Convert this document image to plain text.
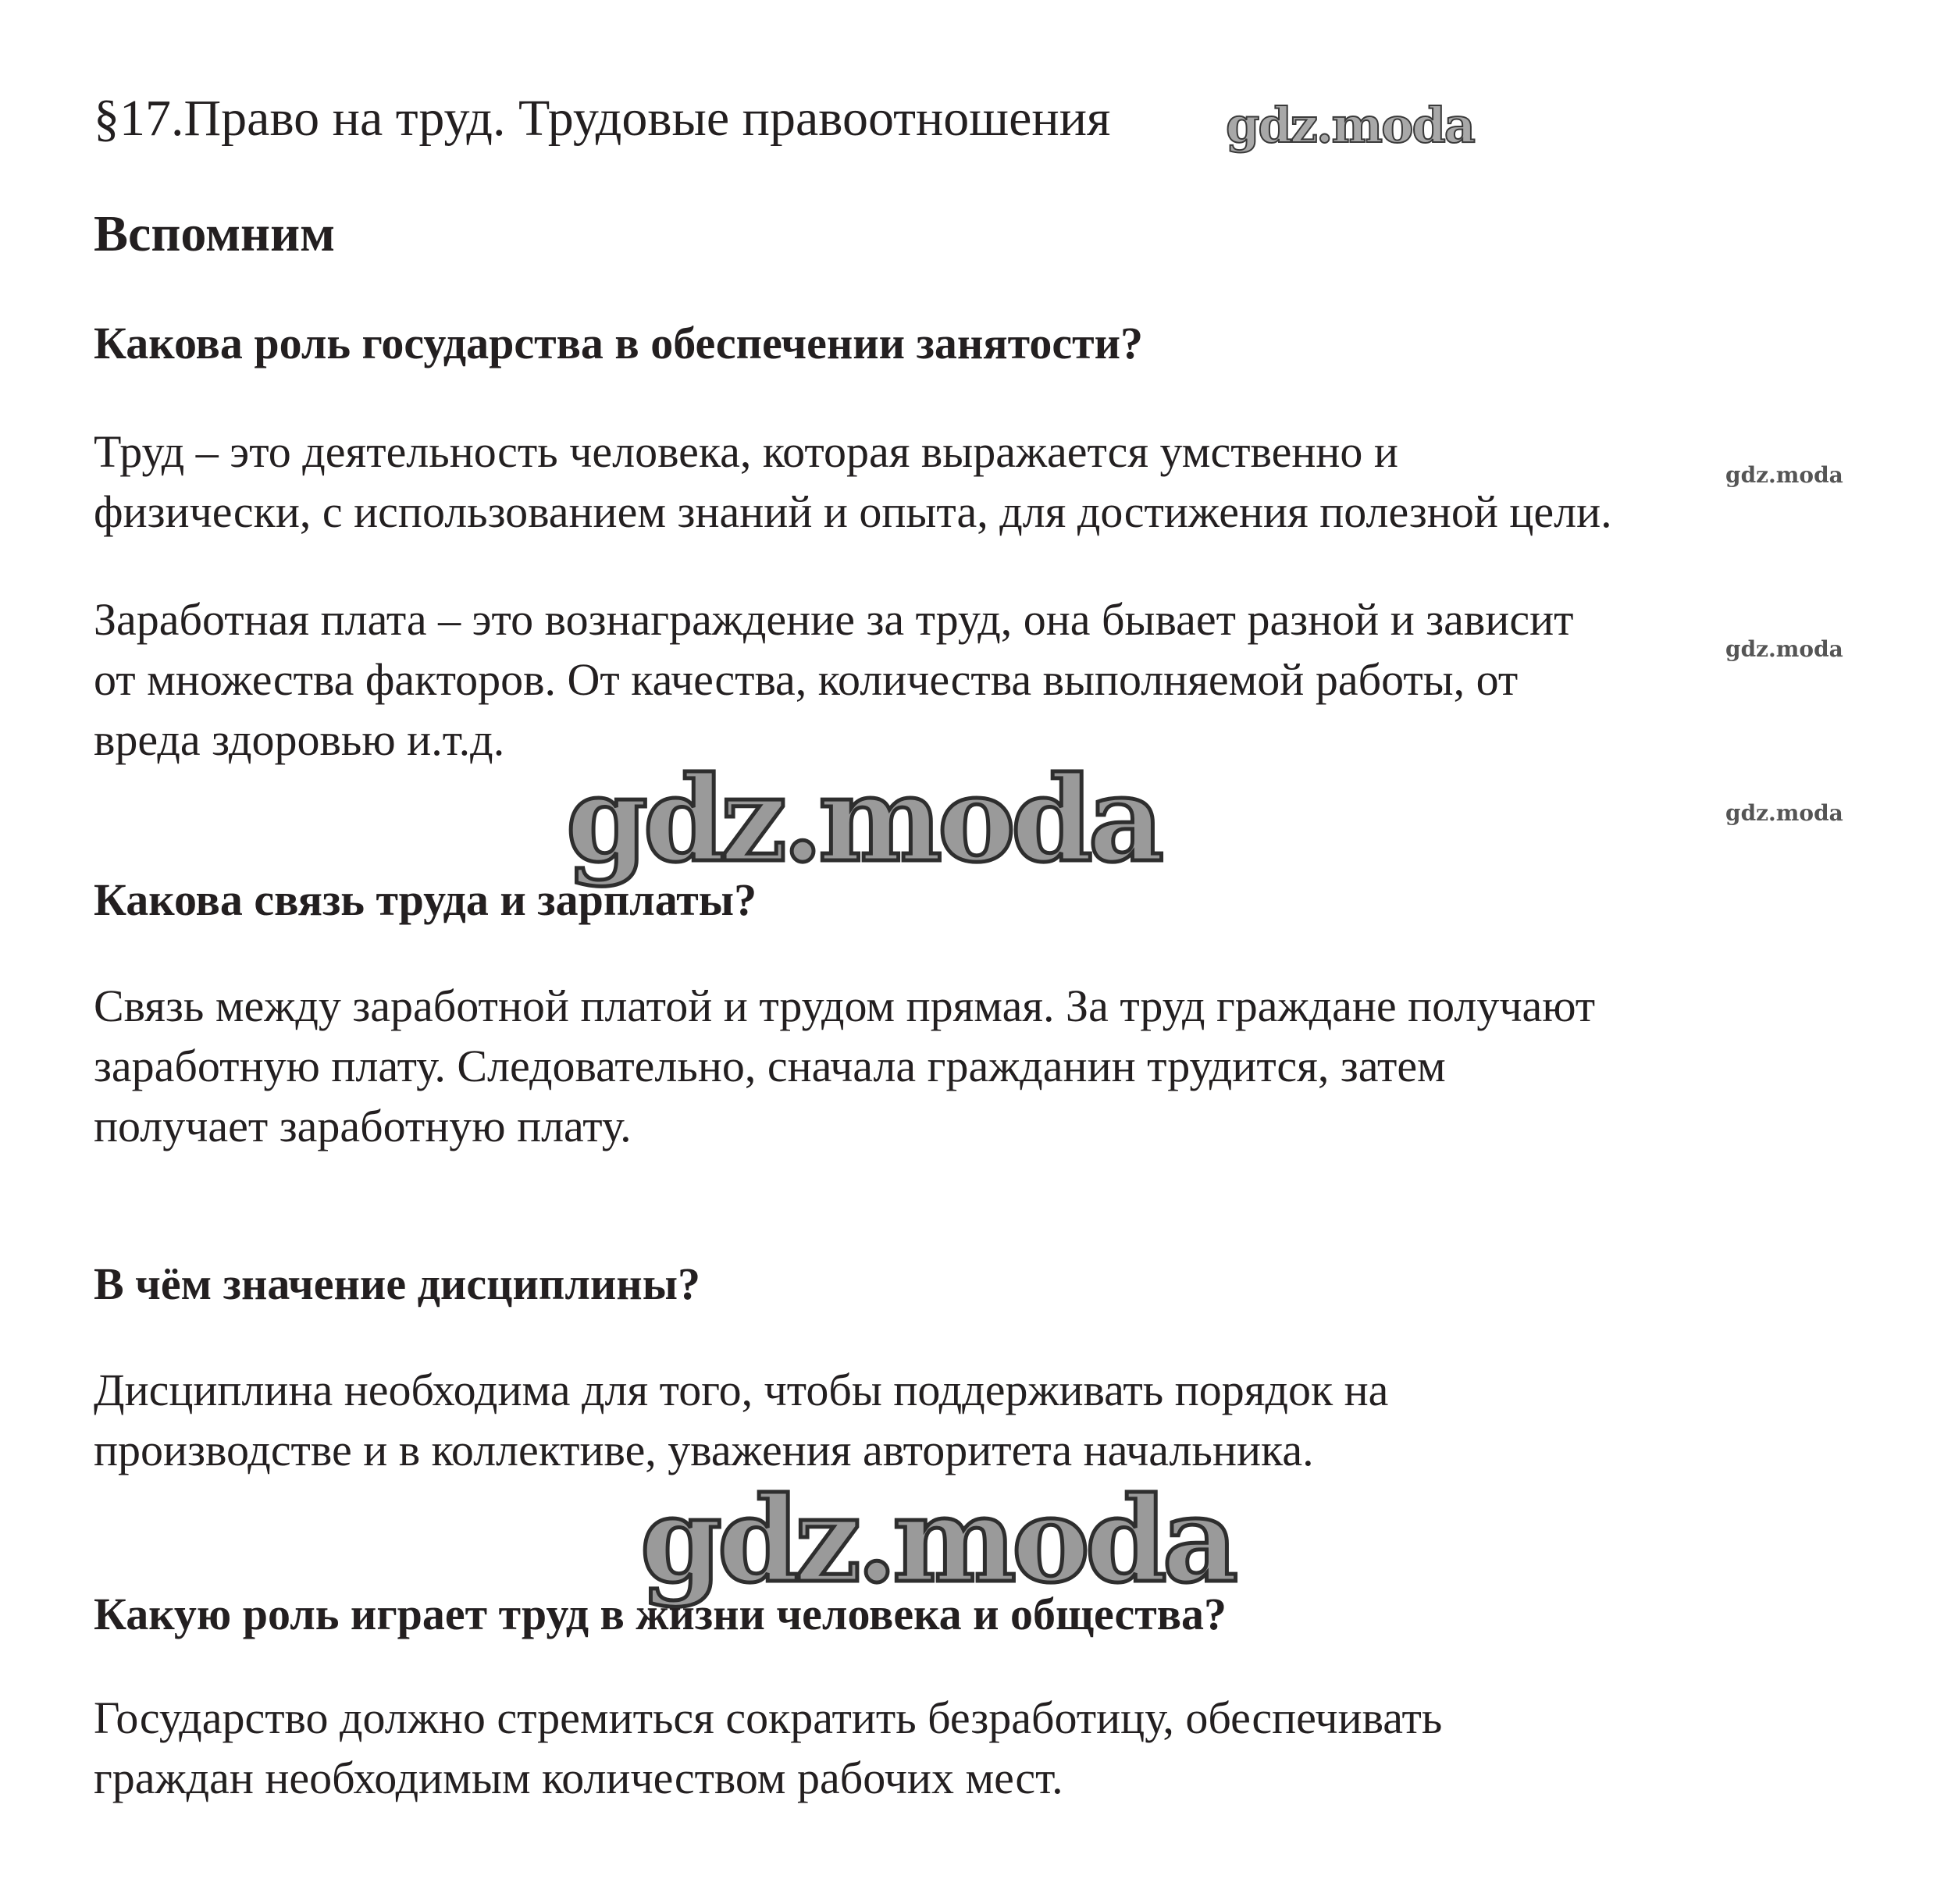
§17.Право на труд. Трудовые правоотношения gdz.moda
Вспомним
Какова роль государства в обеспечении занятости?

Труд – это деятельность человека, которая выражается умственно и
физически, с использованием знаний и опыта, для достижения полезной цели.

gdz.moda

Заработная плата – это вознаграждение за труд, она бывает разной и зависит
от множества факторов. От качества, количества выполняемой работы, от
вреда здоровью и.т.д.

gdz.moda
gdz.moda	gdz.moda
Какова связь труда и зарплаты?

Связь между заработной платой и трудом прямая. За труд граждане получают
заработную плату. Следовательно, сначала гражданин трудится, затем
получает заработную плату.

В чём значение дисциплины?

Дисциплина необходима для того, чтобы поддерживать порядок на
производстве и в коллективе, уважения авторитета начальника.

gdz.moda
Какую роль играет труд в жизни человека и общества?

Государство должно стремиться сократить безработицу, обеспечивать
граждан необходимым количеством рабочих мест.
